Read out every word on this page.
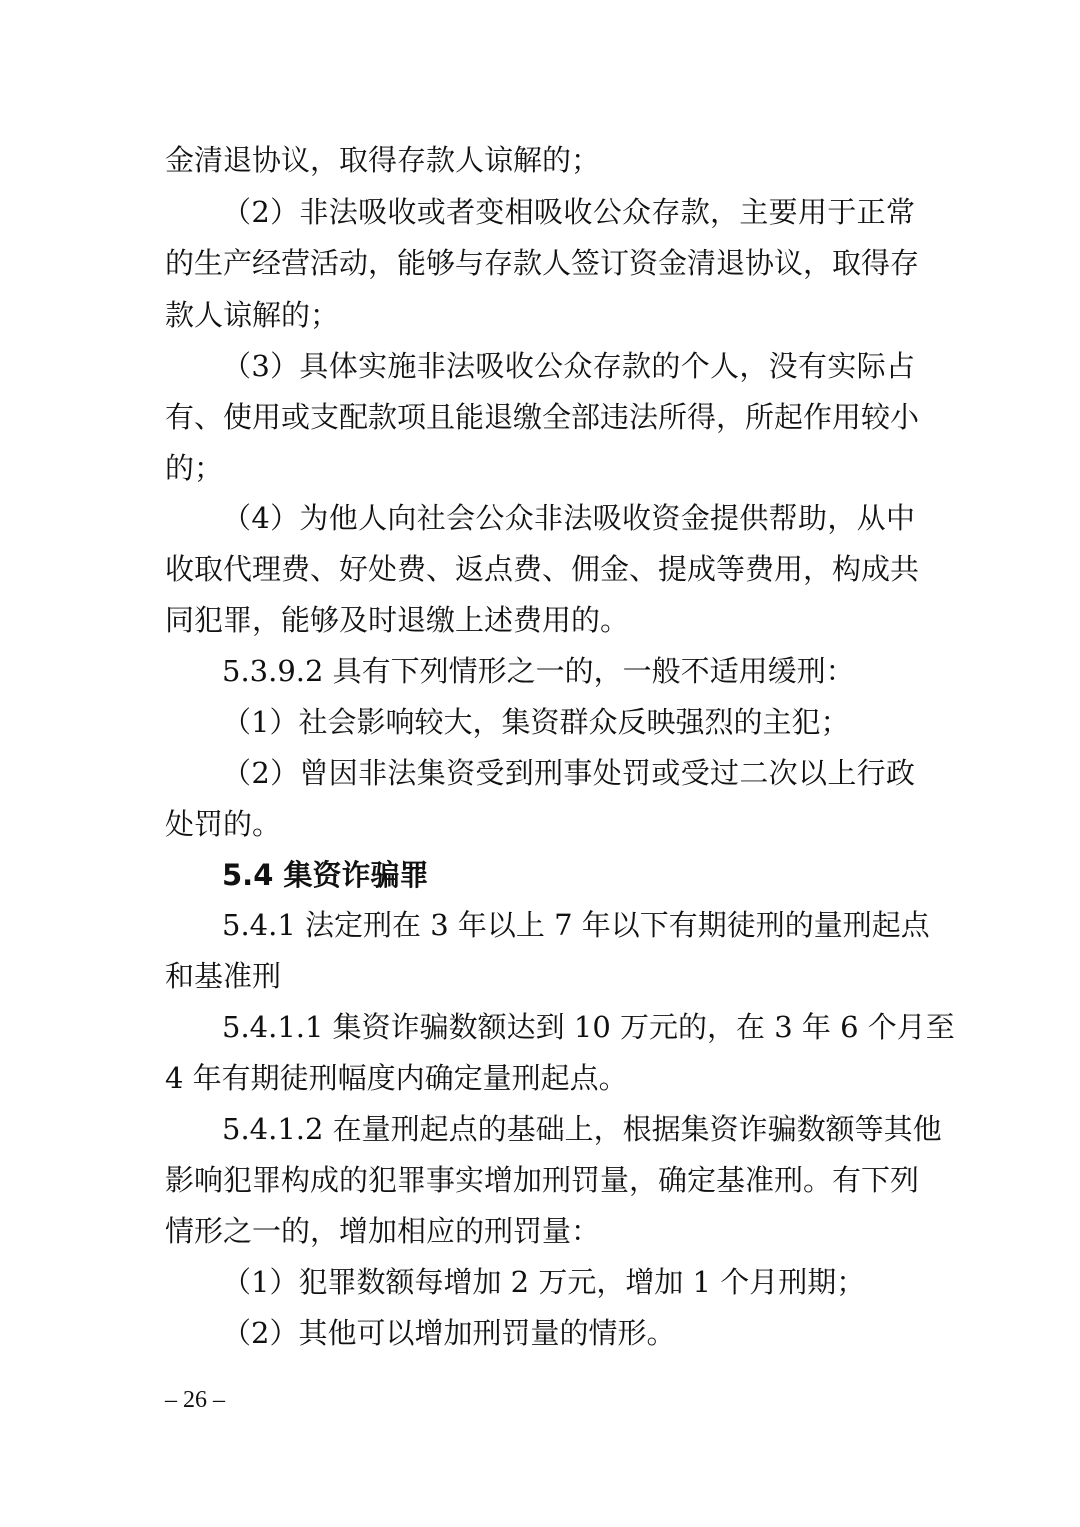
金清退协议，取得存款人谅解的；
（2）非法吸收或者变相吸收公众存款，主要用于正常
的生产经营活动，能够与存款人签订资金清退协议，取得存
款人谅解的；
（3）具体实施非法吸收公众存款的个人，没有实际占
有、使用或支配款项且能退缴全部违法所得，所起作用较小
的；
（4）为他人向社会公众非法吸收资金提供帮助，从中
收取代理费、好处费、返点费、佣金、提成等费用，构成共
同犯罪，能够及时退缴上述费用的。
5.3.9.2 具有下列情形之一的，一般不适用缓刑：
（1）社会影响较大，集资群众反映强烈的主犯；
（2）曾因非法集资受到刑事处罚或受过二次以上行政
处罚的。
5.4 集资诈骗罪
5.4.1 法定刑在 3 年以上 7 年以下有期徒刑的量刑起点
和基准刑
5.4.1.1 集资诈骗数额达到 10 万元的，在 3 年 6 个月至
4 年有期徒刑幅度内确定量刑起点。
5.4.1.2 在量刑起点的基础上，根据集资诈骗数额等其他
影响犯罪构成的犯罪事实增加刑罚量，确定基准刑。有下列
情形之一的，增加相应的刑罚量：
（1）犯罪数额每增加 2 万元，增加 1 个月刑期；
（2）其他可以增加刑罚量的情形。
– 26 –
